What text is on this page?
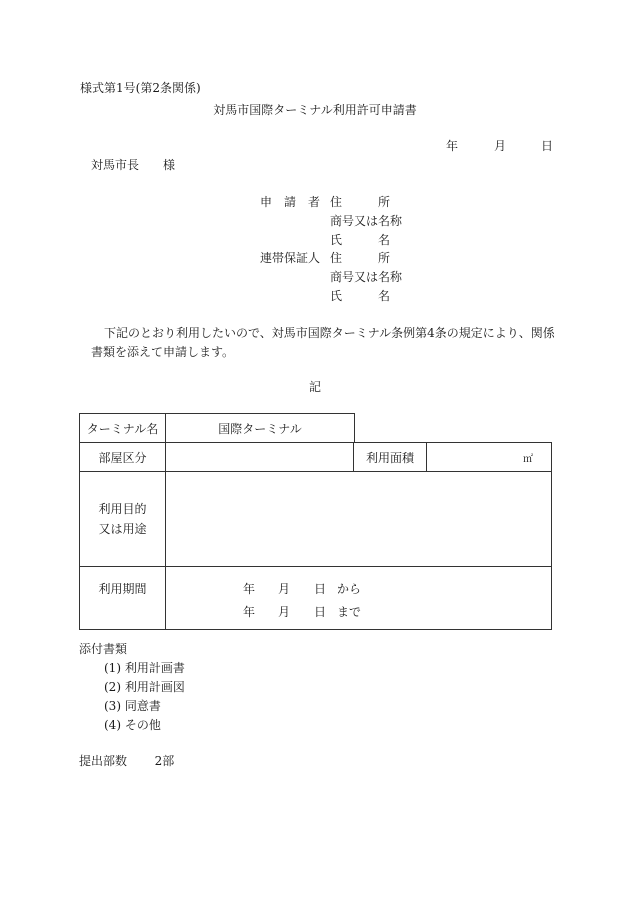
様式第1号(第2条関係)
対馬市国際ターミナル利用許可申請書
年	月	日
対馬市長　　様
申　請　者 住　　　所
商号又は名称
氏　　　名
連帯保証人 住　　　所
商号又は名称
氏　　　名
下記のとおり利用したいので、対馬市国際ターミナル条例第4条の規定により、関係
書類を添えて申請します。
記
ターミナル名	国際ターミナル
部屋区分	利用面積	㎡
利用目的
又は用途
利用期間	年 月 日 から
年 月 日 まで
添付書類
(1) 利用計画書
(2) 利用計画図
(3) 同意書
(4) その他
提出部数 2部
